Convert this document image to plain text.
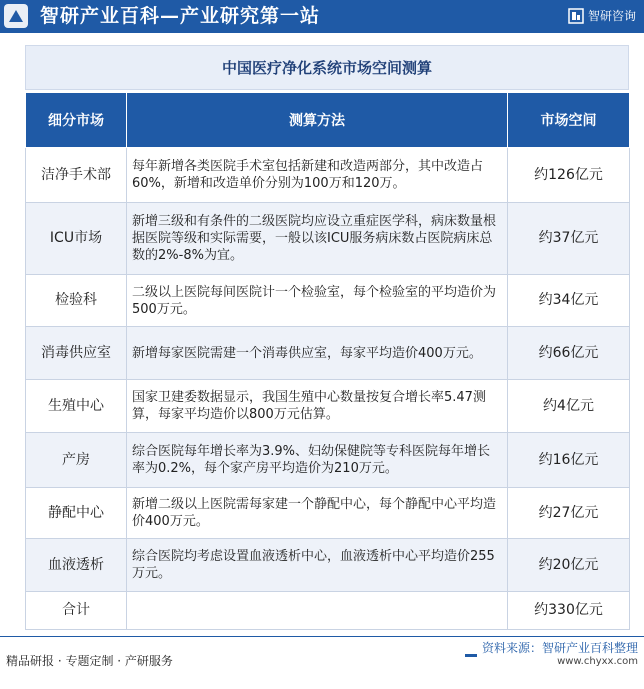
智研产业百科—产业研究第一站	智研咨询
中国医疗净化系统市场空间测算
细分市场	测算方法	市场空间
洁净手术部	每年新增各类医院手术室包括新建和改造两部分，其中改造占60%，新增和改造单价分别为100万和120万。	约126亿元
ICU市场	新增三级和有条件的二级医院均应设立重症医学科，病床数量根据医院等级和实际需要，一般以该ICU服务病床数占医院病床总数的2%-8%为宜。	约37亿元
检验科	二级以上医院每间医院计一个检验室，每个检验室的平均造价为500万元。	约34亿元
消毒供应室	新增每家医院需建一个消毒供应室，每家平均造价400万元。	约66亿元
生殖中心	国家卫建委数据显示，我国生殖中心数量按复合增长率5.47测算，每家平均造价以800万元估算。	约4亿元
产房	综合医院每年增长率为3.9%、妇幼保健院等专科医院每年增长率为0.2%，每个家产房平均造价为210万元。	约16亿元
静配中心	新增二级以上医院需每家建一个静配中心，每个静配中心平均造价400万元。	约27亿元
血液透析	综合医院均考虑设置血液透析中心，血液透析中心平均造价255万元。	约20亿元
合计		约330亿元
精品研报 · 专题定制 · 产研服务
资料来源：智研产业百科整理
www.chyxx.com
